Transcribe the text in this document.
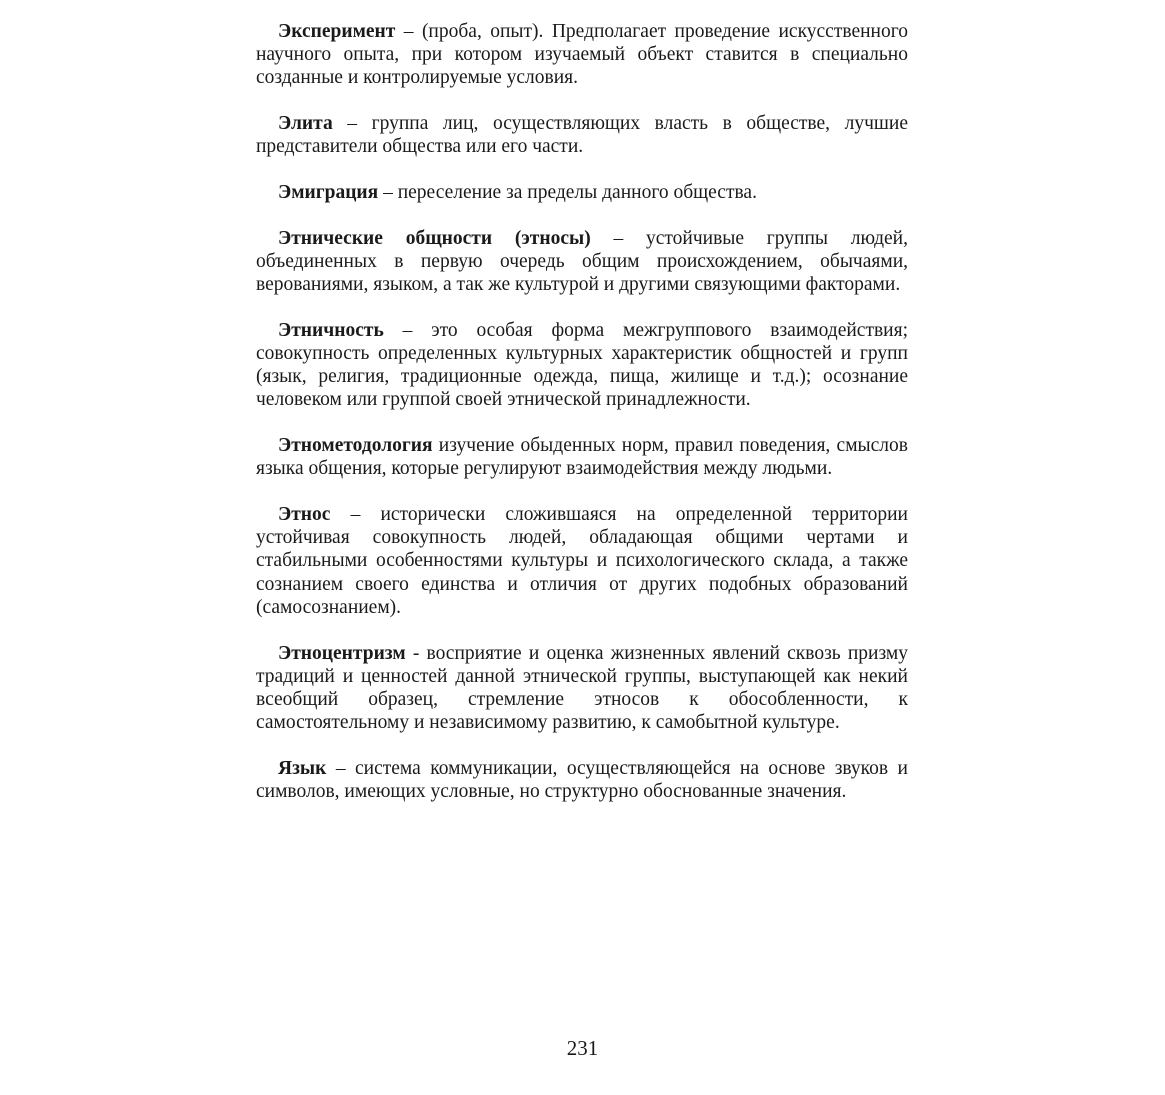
Эксперимент – (проба, опыт). Предполагает проведение искусственного научного опыта, при котором изучаемый объект ставится в специально созданные и контролируемые условия.

Элита – группа лиц, осуществляющих власть в обществе, лучшие представители общества или его части.

Эмиграция – переселение за пределы данного общества.

Этнические общности (этносы) – устойчивые группы людей, объединенных в первую очередь общим происхождением, обычаями, верованиями, языком, а так же культурой и другими связующими факторами.

Этничность – это особая форма межгруппового взаимодействия; совокупность определенных культурных характеристик общностей и групп (язык, религия, традиционные одежда, пища, жилище и т.д.); осознание человеком или группой своей этнической принадлежности.

Этнометодология изучение обыденных норм, правил поведения, смыслов языка общения, которые регулируют взаимодействия между людьми.

Этнос – исторически сложившаяся на определенной территории устойчивая совокупность людей, обладающая общими чертами и стабильными особенностями культуры и психологического склада, а также сознанием своего единства и отличия от других подобных образований (самосознанием).

Этноцентризм - восприятие и оценка жизненных явлений сквозь призму традиций и ценностей данной этнической группы, выступающей как некий всеобщий образец, стремление этносов к обособленности, к самостоятельному и независимому развитию, к самобытной культуре.

Язык – система коммуникации, осуществляющейся на основе звуков и символов, имеющих условные, но структурно обоснованные значения.

231
